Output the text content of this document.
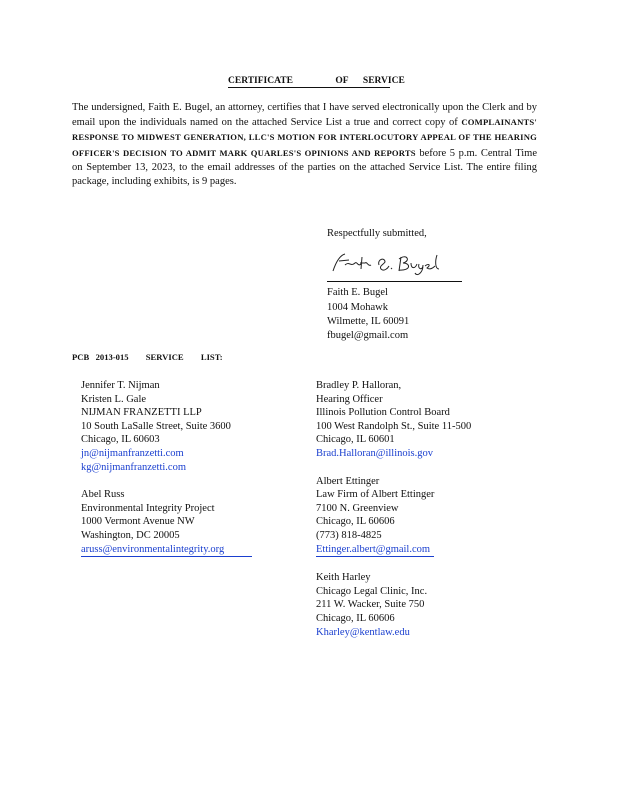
CERTIFICATE	OF SERVICE
The undersigned, Faith E. Bugel, an attorney, certifies that I have served electronically upon the Clerk and by email upon the individuals named on the attached Service List a true and correct copy of COMPLAINANTS' RESPONSE TO MIDWEST GENERATION, LLC'S MOTION FOR INTERLOCUTORY APPEAL OF THE HEARING OFFICER'S DECISION TO ADMIT MARK QUARLES'S OPINIONS AND REPORTS before 5 p.m. Central Time on September 13, 2023, to the email addresses of the parties on the attached Service List. The entire filing package, including exhibits, is 9 pages.
Respectfully submitted,
Faith E. Bugel
1004 Mohawk
Wilmette, IL 60091
fbugel@gmail.com
PCB   2013-015        SERVICE        LIST:
Jennifer T. Nijman
Kristen L. Gale
NIJMAN FRANZETTI LLP
10 South LaSalle Street, Suite 3600
Chicago, IL 60603
jn@nijmanfranzetti.com
kg@nijmanfranzetti.com
Abel Russ
Environmental Integrity Project
1000 Vermont Avenue NW
Washington, DC 20005
aruss@environmentalintegrity.org
Bradley P. Halloran,
Hearing Officer
Illinois Pollution Control Board
100 West Randolph St., Suite 11-500
Chicago, IL 60601
Brad.Halloran@illinois.gov
Albert Ettinger
Law Firm of Albert Ettinger
7100 N. Greenview
Chicago, IL 60606
(773) 818-4825
Ettinger.albert@gmail.com
Keith Harley
Chicago Legal Clinic, Inc.
211 W. Wacker, Suite 750
Chicago, IL 60606
Kharley@kentlaw.edu
